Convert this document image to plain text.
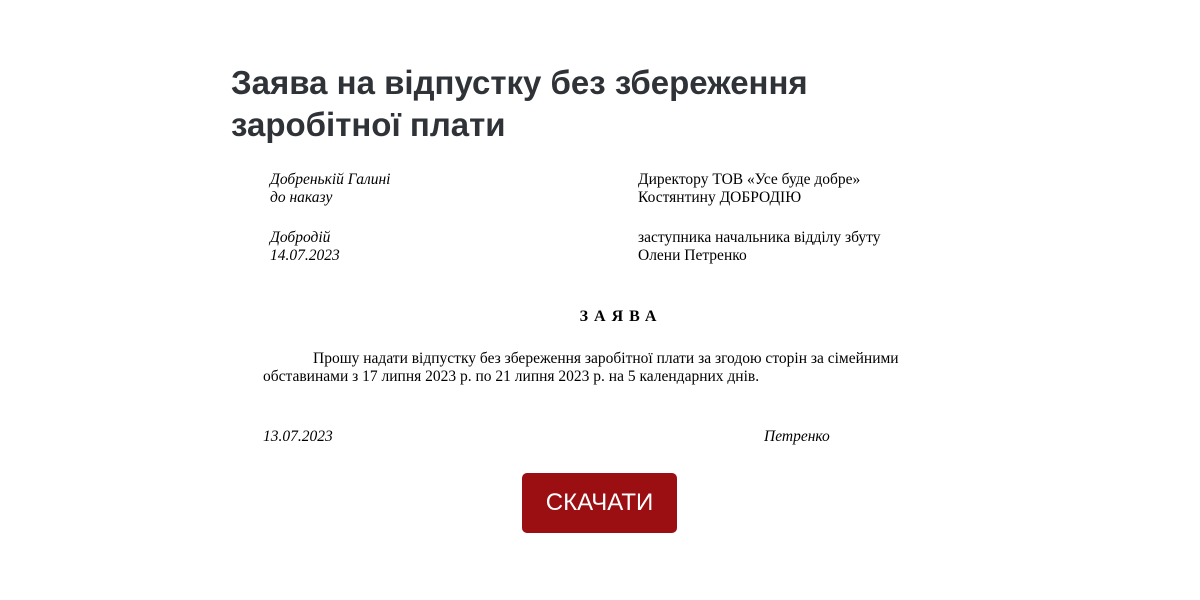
Заява на відпустку без збереження заробітної плати
Добренькій Галині
до наказу
Добродій
14.07.2023
Директору ТОВ «Усе буде добре»
Костянтину ДОБРОДІЮ
заступника начальника відділу збуту
Олени Петренко
ЗАЯВА

Прошу надати відпустку без збереження заробітної плати за згодою сторін за сімейними обставинами з 17 липня 2023 р. по 21 липня 2023 р. на 5 календарних днів.

13.07.2023	Петренко
СКАЧАТИ
